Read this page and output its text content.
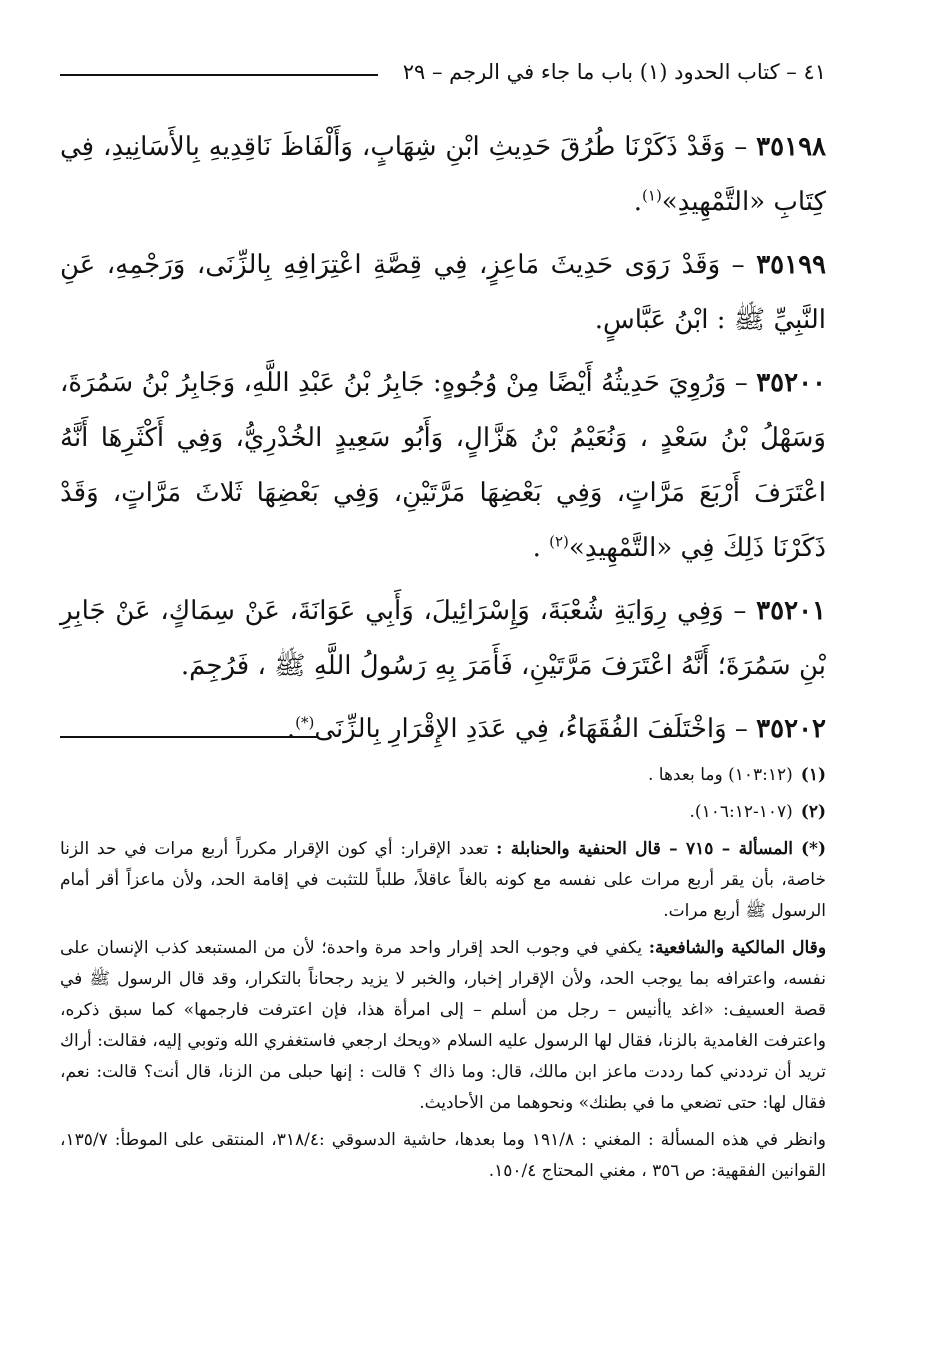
٤١ – كتاب الحدود (١) باب ما جاء في الرجم – ٢٩

٣٥١٩٨ – وَقَدْ ذَكَرْنَا طُرُقَ حَدِيثِ ابْنِ شِهَابٍ، وَأَلْفَاظَ نَاقِدِيهِ بِالأَسَانِيدِ، فِي كِتَابِ «التَّمْهِيدِ»$^{(١)}$.

٣٥١٩٩ – وَقَدْ رَوَى حَدِيثَ مَاعِزٍ، فِي قِصَّةِ اعْتِرَافِهِ بِالزِّنَى، وَرَجْمِهِ، عَنِ النَّبِيِّ ﷺ : ابْنُ عَبَّاسٍ.

٣٥٢٠٠ – وَرُوِيَ حَدِيثُهُ أَيْضًا مِنْ وُجُوهٍ: جَابِرُ بْنُ عَبْدِ اللَّهِ، وَجَابِرُ بْنُ سَمُرَةَ، وَسَهْلُ بْنُ سَعْدٍ ، وَنُعَيْمُ بْنُ هَزَّالٍ، وَأَبُو سَعِيدٍ الخُدْرِيُّ، وَفِي أَكْثَرِهَا أَنَّهُ اعْتَرَفَ أَرْبَعَ مَرَّاتٍ، وَفِي بَعْضِهَا مَرَّتَيْنِ، وَفِي بَعْضِهَا ثَلاثَ مَرَّاتٍ، وَقَدْ ذَكَرْنَا ذَلِكَ فِي «التَّمْهِيدِ»$^{(٢)}$ .

٣٥٢٠١ – وَفِي رِوَايَةِ شُعْبَةَ، وَإِسْرَائِيلَ، وَأَبِي عَوَانَةَ، عَنْ سِمَاكٍ، عَنْ جَابِرِ بْنِ سَمُرَةَ؛ أَنَّهُ اعْتَرَفَ مَرَّتَيْنِ، فَأَمَرَ بِهِ رَسُولُ اللَّهِ ﷺ ، فَرُجِمَ.

٣٥٢٠٢ – وَاخْتَلَفَ الفُقَهَاءُ، فِي عَدَدِ الإِقْرَارِ بِالزِّنَى(*).

(١)(١٠٣:١٢) وما بعدها .

(٢)(١٠٧-١٠٦:١٢).

(*)المسألة – ٧١٥ – قال الحنفية والحنابلة : تعدد الإقرار: أي كون الإقرار مكرراً أربع مرات في حد الزنا خاصة، بأن يقر أربع مرات على نفسه مع كونه بالغاً عاقلاً، طلباً للتثبت في إقامة الحد، ولأن ماعزاً أقر أمام الرسول ﷺ أربع مرات.

وقال المالكية والشافعية: يكفي في وجوب الحد إقرار واحد مرة واحدة؛ لأن من المستبعد كذب الإنسان على نفسه، واعترافه بما يوجب الحد، ولأن الإقرار إخبار، والخبر لا يزيد رجحاناً بالتكرار، وقد قال الرسول ﷺ في قصة العسيف: «اغد ياأنيس – رجل من أسلم – إلى امرأة هذا، فإن اعترفت فارجمها» كما سبق ذكره، واعترفت الغامدية بالزنا، فقال لها الرسول عليه السلام «ويحك ارجعي فاستغفري الله وتوبي إليه، فقالت: أراك تريد أن ترددني كما رددت ماعز ابن مالك، قال: وما ذاك ؟ قالت : إنها حبلى من الزنا، قال أنت؟ قالت: نعم، فقال لها: حتى تضعي ما في بطنك» ونحوهما من الأحاديث.

وانظر في هذه المسألة : المغني : ١٩١/٨ وما بعدها، حاشية الدسوقي :٣١٨/٤، المنتقى على الموطأ: ١٣٥/٧، القوانين الفقهية: ص ٣٥٦ ، مغني المحتاج ١٥٠/٤.
